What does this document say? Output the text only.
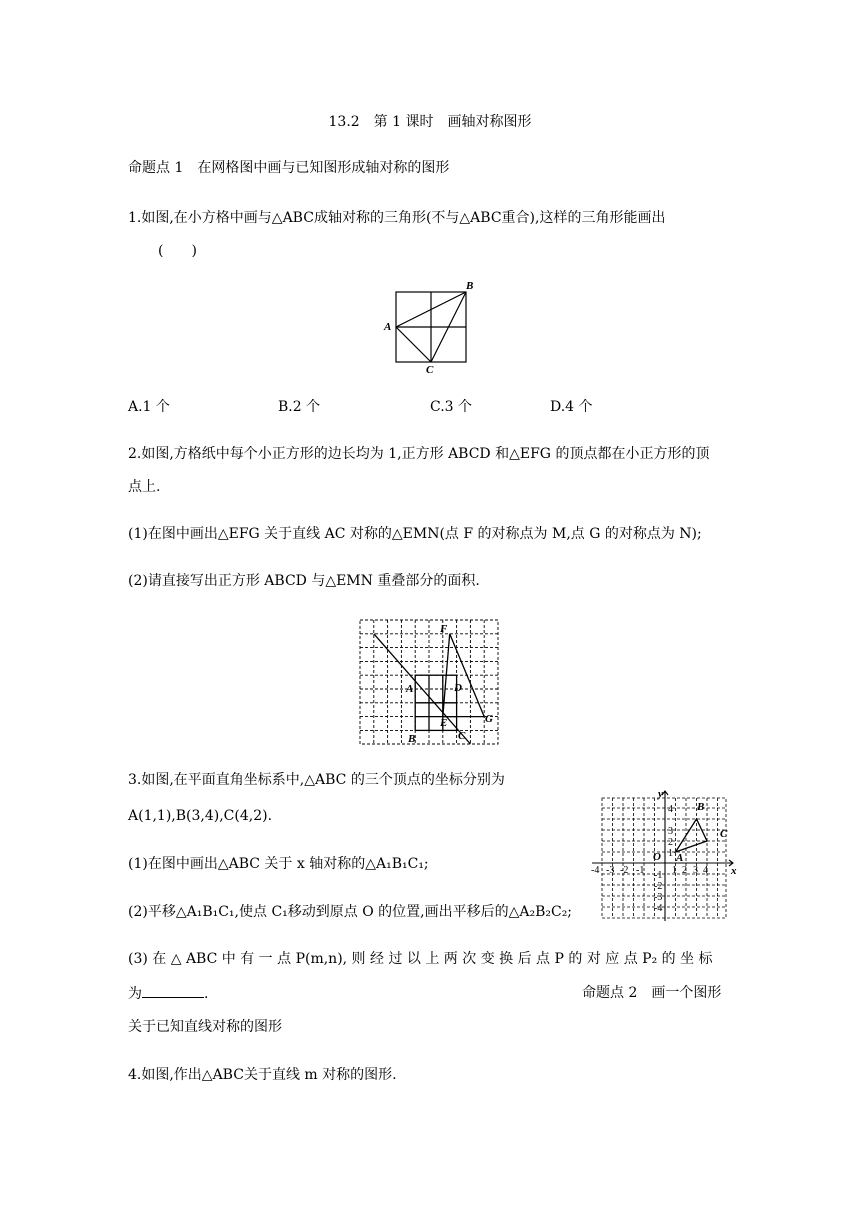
13.2　第 1 课时　画轴对称图形
命题点 1　在网格图中画与已知图形成轴对称的图形
1.如图,在小方格中画与△ABC成轴对称的三角形(不与△ABC重合),这样的三角形能画出
(　　)
A
B
C
A.1 个	B.2 个	C.3 个	D.4 个
2.如图,方格纸中每个小正方形的边长均为 1,正方形 ABCD 和△EFG 的顶点都在小正方形的顶
点上.
(1)在图中画出△EFG 关于直线 AC 对称的△EMN(点 F 的对称点为 M,点 G 的对称点为 N);
(2)请直接写出正方形 ABCD 与△EMN 重叠部分的面积.
A
B	C
D
E
F
G
3.如图,在平面直角坐标系中,△ABC 的三个顶点的坐标分别为
A(1,1),B(3,4),C(4,2).
(1)在图中画出△ABC 关于 x 轴对称的△A₁B₁C₁;
(2)平移△A₁B₁C₁,使点 C₁移动到原点 O 的位置,画出平移后的△A₂B₂C₂;
(3) 在 △ ABC 中 有 一 点 P(m,n), 则 经 过 以 上 两 次 变 换 后 点 P 的 对 应 点 P₂ 的 坐 标
为	.	命题点 2　画一个图形
关于已知直线对称的图形
y
x
O
-4 -3 -2 -1	1 2 3 4
1
2
3
4
-1
-2
-3
-4
A
B
C
4.如图,作出△ABC关于直线 m 对称的图形.
